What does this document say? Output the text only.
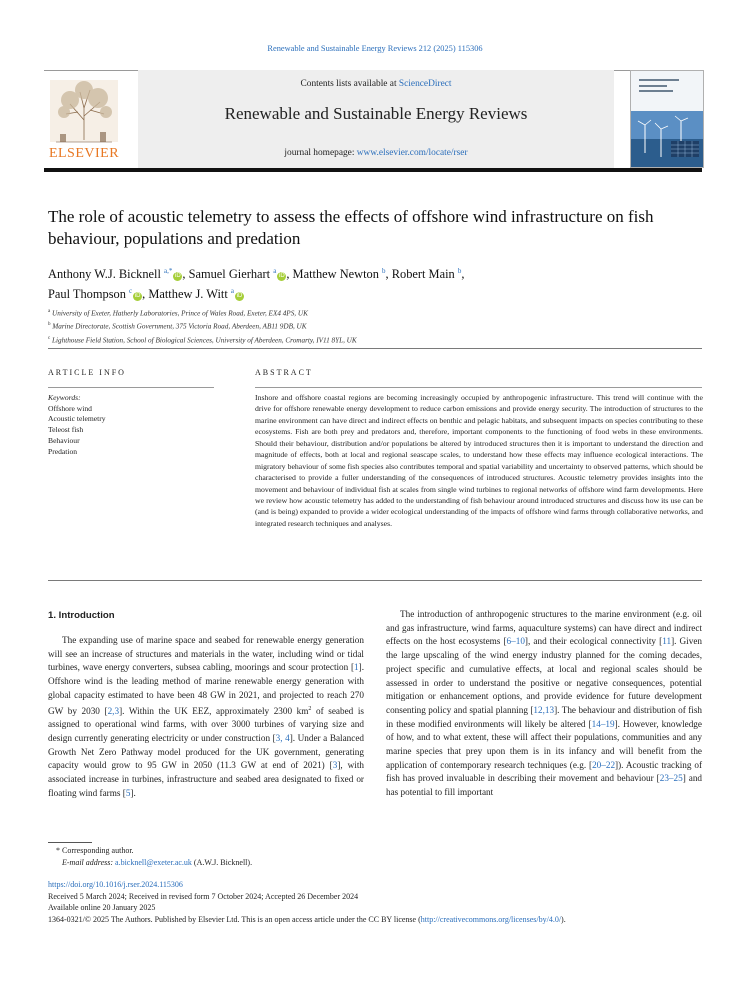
Renewable and Sustainable Energy Reviews 212 (2025) 115306
ELSEVIER
Contents lists available at ScienceDirect
Renewable and Sustainable Energy Reviews
journal homepage: www.elsevier.com/locate/rser
The role of acoustic telemetry to assess the effects of offshore wind infrastructure on fish behaviour, populations and predation
Anthony W.J. Bicknell $^{a,*}$iD , Samuel Gierhart $^a$iD , Matthew Newton $^b$, Robert Main $^b$,
Paul Thompson $^c$iD , Matthew J. Witt $^a$iD
$^a$ University of Exeter, Hatherly Laboratories, Prince of Wales Road, Exeter, EX4 4PS, UK
$^b$ Marine Directorate, Scottish Government, 375 Victoria Road, Aberdeen, AB11 9DB, UK
$^c$ Lighthouse Field Station, School of Biological Sciences, University of Aberdeen, Cromarty, IV11 8YL, UK
ARTICLE INFO
Keywords:
Offshore wind
Acoustic telemetry
Teleost fish
Behaviour
Predation
ABSTRACT
Inshore and offshore coastal regions are becoming increasingly occupied by anthropogenic infrastructure. This trend will continue with the drive for offshore renewable energy development to reduce carbon emissions and provide energy security. The introduction of structures to the marine environment can have direct and indirect effects on benthic and pelagic habitats, and subsequent impacts on species contributing to these ecosystems. Fish are both prey and predators and, therefore, important components to the functioning of food webs in these environments. Should their behaviour, distribution and/or populations be altered by introduced structures then it is important to understand the direction and magnitude of effects, both at local and regional seascape scales, to understand how these effects may influence ecological interactions. The migratory behaviour of some fish species also contributes temporal and spatial variability and uncertainty to observed patterns, which should be characterised to provide a fuller understanding of the consequences of introduced structures. Acoustic telemetry provides insights into the movement and behaviour of individual fish at scales from single wind turbines to regional networks of offshore wind farm developments. Here we review how acoustic telemetry has added to the understanding of fish behaviour around introduced structures and discuss how its use can be (and is being) expanded to provide a wider ecological understanding of the impacts of offshore wind farms through collaborative networks, and integrated research techniques and analyses.
1. Introduction

The expanding use of marine space and seabed for renewable energy generation will see an increase of structures and materials in the water, including wind or tidal turbines, wave energy converters, subsea cabling, moorings and scour protection [1]. Offshore wind is the leading method of marine renewable energy generation with global capacity estimated to have been 48 GW in 2021, and projected to reach 270 GW by 2030 [2,3]. Within the UK EEZ, approximately 2300 $km^2$ of seabed is assigned to operational wind farms, with over 3000 turbines of varying size and design currently generating electricity or under construction [3, 4]. Under a Balanced Growth Net Zero Pathway model produced for the UK government, generating capacity would grow to 95 GW in 2050 (11.3 GW at end of 2021) [3], with associated increase in turbines, infrastructure and seabed area designated to fixed or floating wind farms [5].

The introduction of anthropogenic structures to the marine environment (e.g. oil and gas infrastructure, wind farms, aquaculture systems) can have direct and indirect effects on the host ecosystems [6–10], and their ecological connectivity [11]. Given the large upscaling of the wind energy industry planned for the coming decades, project specific and cumulative effects, at local and regional scales should be assessed in order to understand the positive or negative consequences, potential mitigation or enhancement options, and provide evidence for future development consenting policy and spatial planning [12,13]. The behaviour and distribution of fish in these modified environments will likely be altered [14–19]. However, knowledge of how, and to what extent, these will affect their populations, communities and any marine species that prey upon them is in its infancy and will benefit from the application of contemporary research techniques (e.g. [20–22]). Acoustic tracking of fish has proved invaluable in describing their movement and behaviour [23–25] and has potential to fill important

* Corresponding author.
E-mail address: a.bicknell@exeter.ac.uk (A.W.J. Bicknell).
https://doi.org/10.1016/j.rser.2024.115306
Received 5 March 2024; Received in revised form 7 October 2024; Accepted 26 December 2024
Available online 20 January 2025
1364-0321/© 2025 The Authors. Published by Elsevier Ltd. This is an open access article under the CC BY license (http://creativecommons.org/licenses/by/4.0/).
